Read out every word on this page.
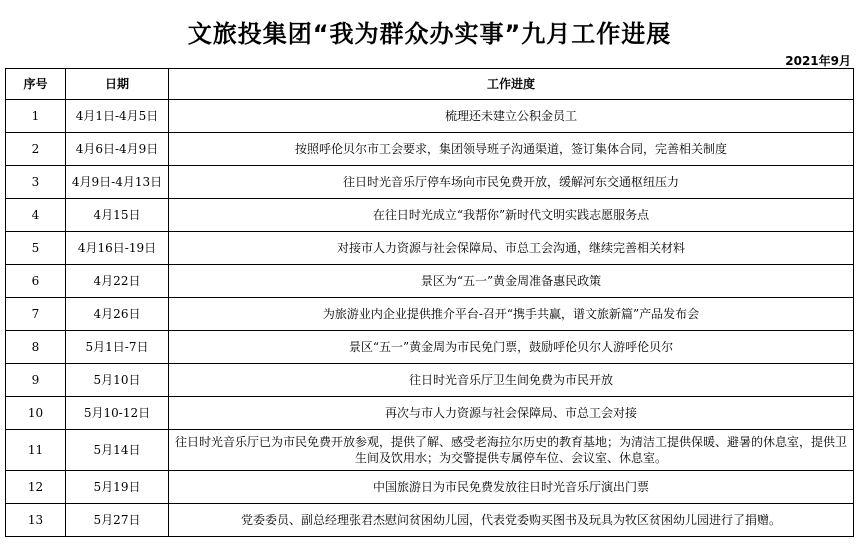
文旅投集团“我为群众办实事”九月工作进展
2021年9月
序号	日期	工作进度
1	4月1日-4月5日	梳理还未建立公积金员工
2	4月6日-4月9日	按照呼伦贝尔市工会要求，集团领导班子沟通渠道，签订集体合同，完善相关制度
3	4月9日-4月13日	往日时光音乐厅停车场向市民免费开放，缓解河东交通枢纽压力
4	4月15日	在往日时光成立“我帮你”新时代文明实践志愿服务点
5	4月16日-19日	对接市人力资源与社会保障局、市总工会沟通，继续完善相关材料
6	4月22日	景区为“五一”黄金周准备惠民政策
7	4月26日	为旅游业内企业提供推介平台-召开“携手共赢，谱文旅新篇”产品发布会
8	5月1日-7日	景区“五一”黄金周为市民免门票，鼓励呼伦贝尔人游呼伦贝尔
9	5月10日	往日时光音乐厅卫生间免费为市民开放
10	5月10-12日	再次与市人力资源与社会保障局、市总工会对接
11	5月14日	往日时光音乐厅已为市民免费开放参观，提供了解、感受老海拉尔历史的教育基地；为清洁工提供保暖、避暑的休息室，提供卫生间及饮用水；为交警提供专属停车位、会议室、休息室。
12	5月19日	中国旅游日为市民免费发放往日时光音乐厅演出门票
13	5月27日	党委委员、副总经理张君杰慰问贫困幼儿园，代表党委购买图书及玩具为牧区贫困幼儿园进行了捐赠。
